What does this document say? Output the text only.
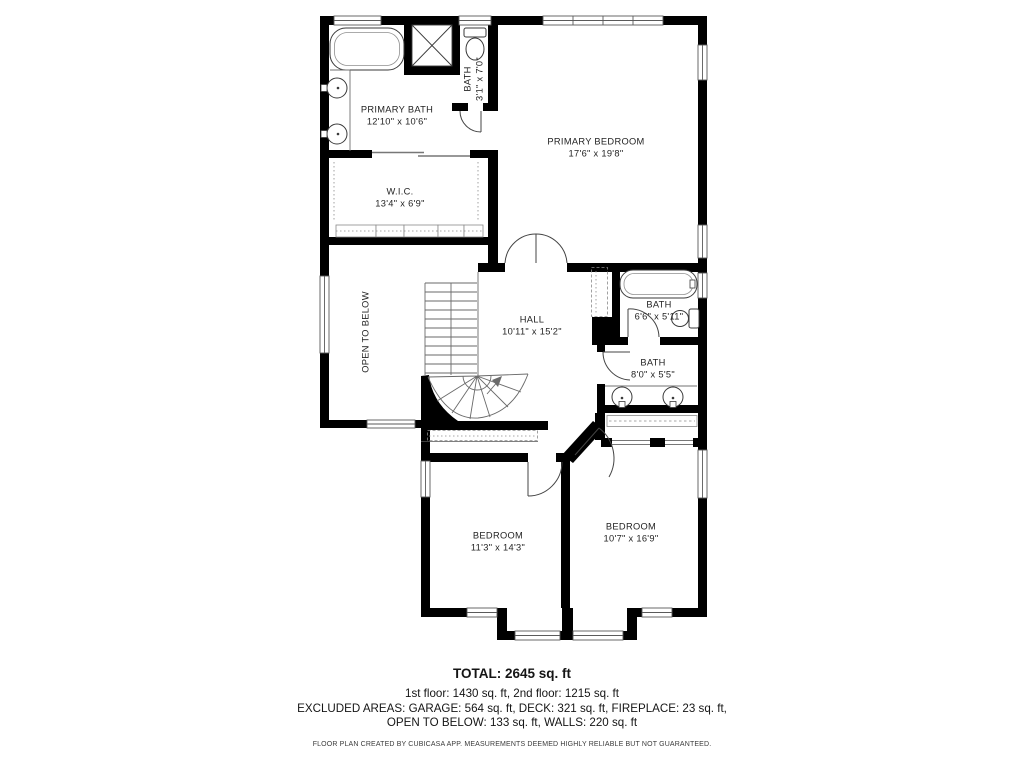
PRIMARY BATH
12'10" x 10'6"
BATH 3'1" x 7'0"
PRIMARY BEDROOM
17'6" x 19'8"
W.I.C.
13'4" x 6'9"
OPEN TO BELOW	HALL
10'11" x 15'2"
BATH
6'6" x 5'11"
BATH
8'0" x 5'5"
BEDROOM
11'3" x 14'3"
BEDROOM
10'7" x 16'9"

TOTAL: 2645 sq. ft

1st floor: 1430 sq. ft, 2nd floor: 1215 sq. ft

EXCLUDED AREAS: GARAGE: 564 sq. ft, DECK: 321 sq. ft, FIREPLACE: 23 sq. ft,

OPEN TO BELOW: 133 sq. ft, WALLS: 220 sq. ft

FLOOR PLAN CREATED BY CUBICASA APP. MEASUREMENTS DEEMED HIGHLY RELIABLE BUT NOT GUARANTEED.
